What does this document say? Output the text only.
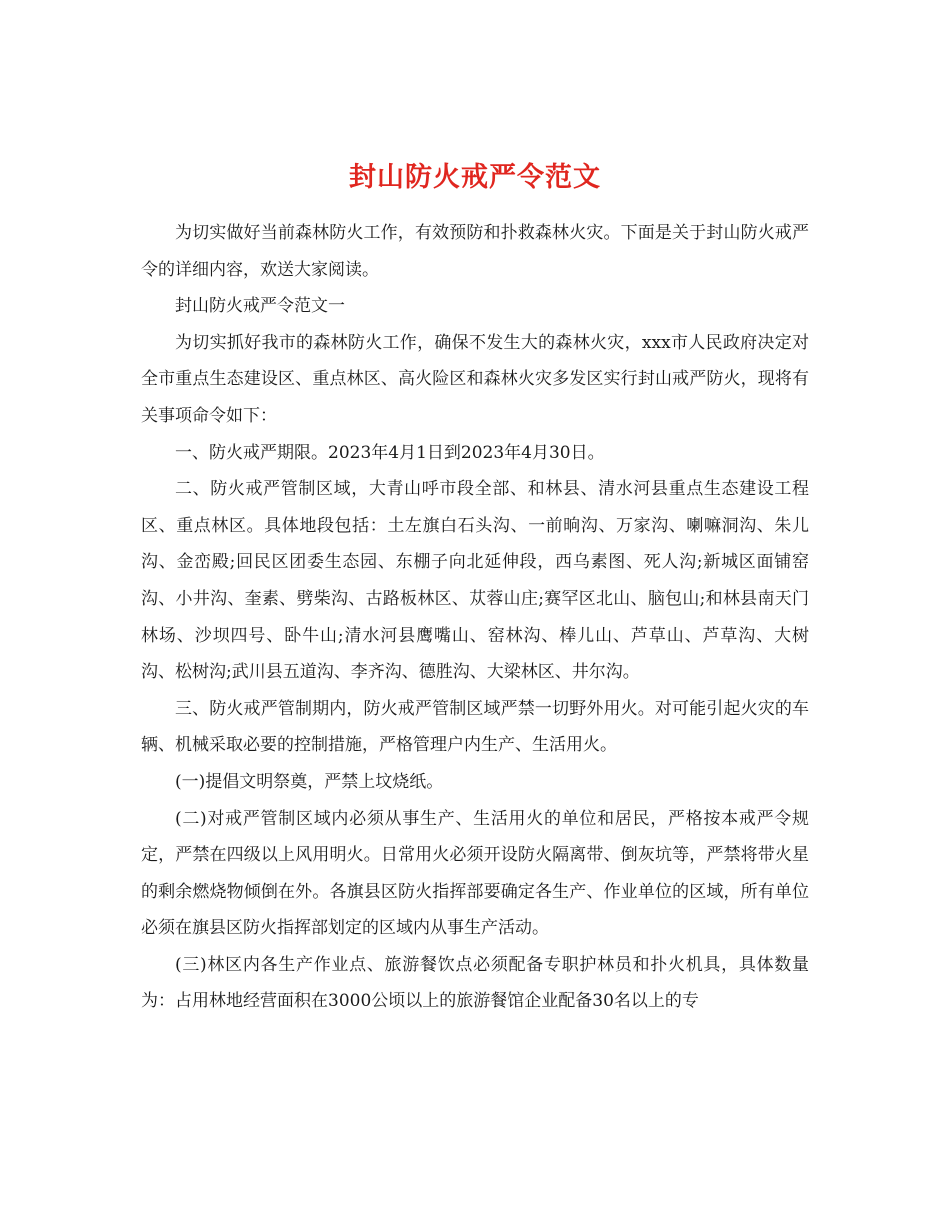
封山防火戒严令范文

为切实做好当前森林防火工作，有效预防和扑救森林火灾。下面是关于封山防火戒严令的详细内容，欢送大家阅读。

封山防火戒严令范文一

为切实抓好我市的森林防火工作，确保不发生大的森林火灾，xxx市人民政府决定对全市重点生态建设区、重点林区、高火险区和森林火灾多发区实行封山戒严防火，现将有关事项命令如下：

一、防火戒严期限。2023年4月1日到2023年4月30日。

二、防火戒严管制区域，大青山呼市段全部、和林县、清水河县重点生态建设工程区、重点林区。具体地段包括：土左旗白石头沟、一前晌沟、万家沟、喇嘛洞沟、朱儿沟、金峦殿;回民区团委生态园、东棚子向北延伸段，西乌素图、死人沟;新城区面铺窑沟、小井沟、奎素、劈柴沟、古路板林区、苁蓉山庄;赛罕区北山、脑包山;和林县南天门林场、沙坝四号、卧牛山;清水河县鹰嘴山、窑林沟、棒儿山、芦草山、芦草沟、大树沟、松树沟;武川县五道沟、李齐沟、德胜沟、大梁林区、井尔沟。

三、防火戒严管制期内，防火戒严管制区域严禁一切野外用火。对可能引起火灾的车辆、机械采取必要的控制措施，严格管理户内生产、生活用火。

(一)提倡文明祭奠，严禁上坟烧纸。

(二)对戒严管制区域内必须从事生产、生活用火的单位和居民，严格按本戒严令规定，严禁在四级以上风用明火。日常用火必须开设防火隔离带、倒灰坑等，严禁将带火星的剩余燃烧物倾倒在外。各旗县区防火指挥部要确定各生产、作业单位的区域，所有单位必须在旗县区防火指挥部划定的区域内从事生产活动。

(三)林区内各生产作业点、旅游餐饮点必须配备专职护林员和扑火机具，具体数量为：占用林地经营面积在3000公顷以上的旅游餐馆企业配备30名以上的专
